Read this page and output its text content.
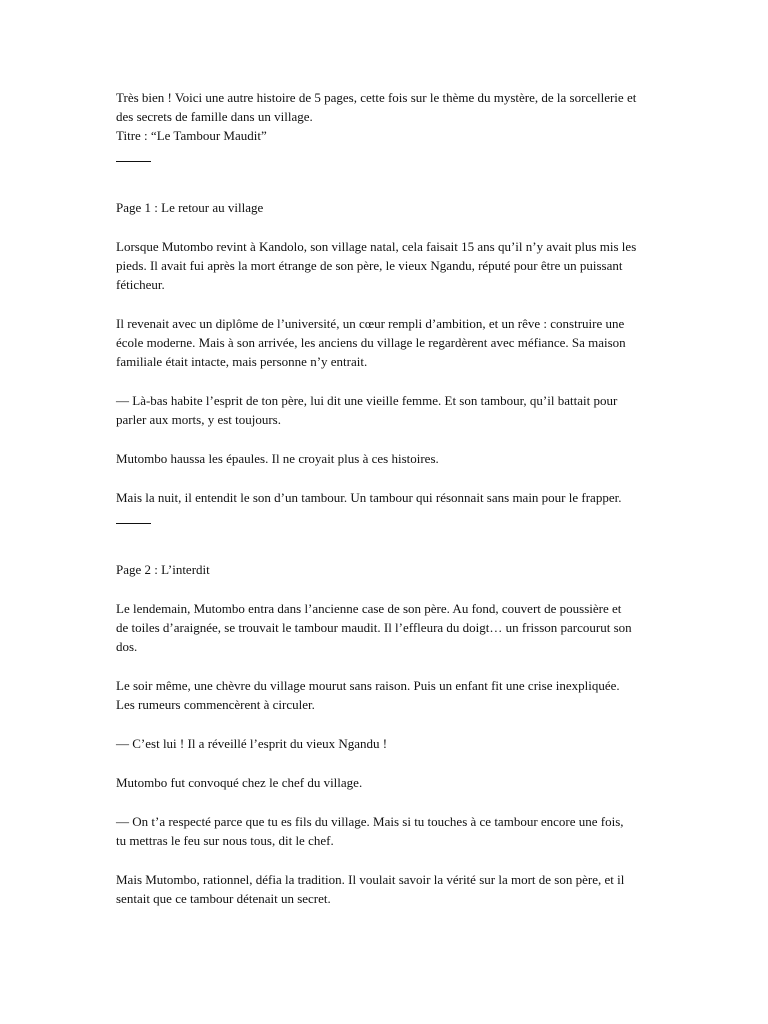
Très bien ! Voici une autre histoire de 5 pages, cette fois sur le thème du mystère, de la sorcellerie et

des secrets de famille dans un village.

Titre : “Le Tambour Maudit”

Page 1 : Le retour au village

Lorsque Mutombo revint à Kandolo, son village natal, cela faisait 15 ans qu’il n’y avait plus mis les

pieds. Il avait fui après la mort étrange de son père, le vieux Ngandu, réputé pour être un puissant

féticheur.

Il revenait avec un diplôme de l’université, un cœur rempli d’ambition, et un rêve : construire une

école moderne. Mais à son arrivée, les anciens du village le regardèrent avec méfiance. Sa maison

familiale était intacte, mais personne n’y entrait.

— Là-bas habite l’esprit de ton père, lui dit une vieille femme. Et son tambour, qu’il battait pour

parler aux morts, y est toujours.

Mutombo haussa les épaules. Il ne croyait plus à ces histoires.

Mais la nuit, il entendit le son d’un tambour. Un tambour qui résonnait sans main pour le frapper.

Page 2 : L’interdit

Le lendemain, Mutombo entra dans l’ancienne case de son père. Au fond, couvert de poussière et

de toiles d’araignée, se trouvait le tambour maudit. Il l’effleura du doigt… un frisson parcourut son

dos.

Le soir même, une chèvre du village mourut sans raison. Puis un enfant fit une crise inexpliquée.

Les rumeurs commencèrent à circuler.

— C’est lui ! Il a réveillé l’esprit du vieux Ngandu !

Mutombo fut convoqué chez le chef du village.

— On t’a respecté parce que tu es fils du village. Mais si tu touches à ce tambour encore une fois,

tu mettras le feu sur nous tous, dit le chef.

Mais Mutombo, rationnel, défia la tradition. Il voulait savoir la vérité sur la mort de son père, et il

sentait que ce tambour détenait un secret.
